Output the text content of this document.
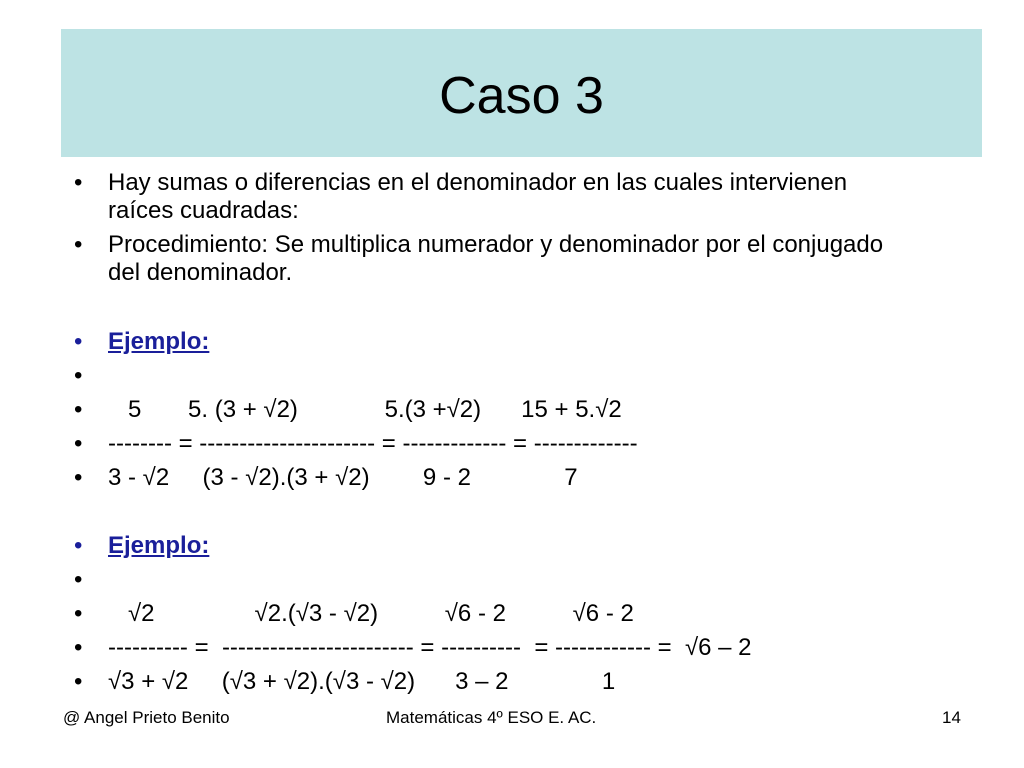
Caso 3
•	Hay sumas o diferencias en el denominador en las cuales intervienen raíces cuadradas:
•	Procedimiento: Se multiplica numerador y denominador por el conjugado del denominador.
•	Ejemplo:
•
•	5       5. (3 + √2)             5.(3 +√2)      15 + 5.√2
•	-------- = ---------------------- = ------------- = -------------
•	3 - √2     (3 - √2).(3 + √2)        9 - 2              7
•	Ejemplo:
•
•	√2               √2.(√3 - √2)          √6 - 2          √6 - 2
•	---------- =  ------------------------ = ----------  = ------------ =  √6 – 2
•	√3 + √2     (√3 + √2).(√3 - √2)      3 – 2              1
@ Angel Prieto Benito	Matemáticas 4º ESO E. AC.	14
